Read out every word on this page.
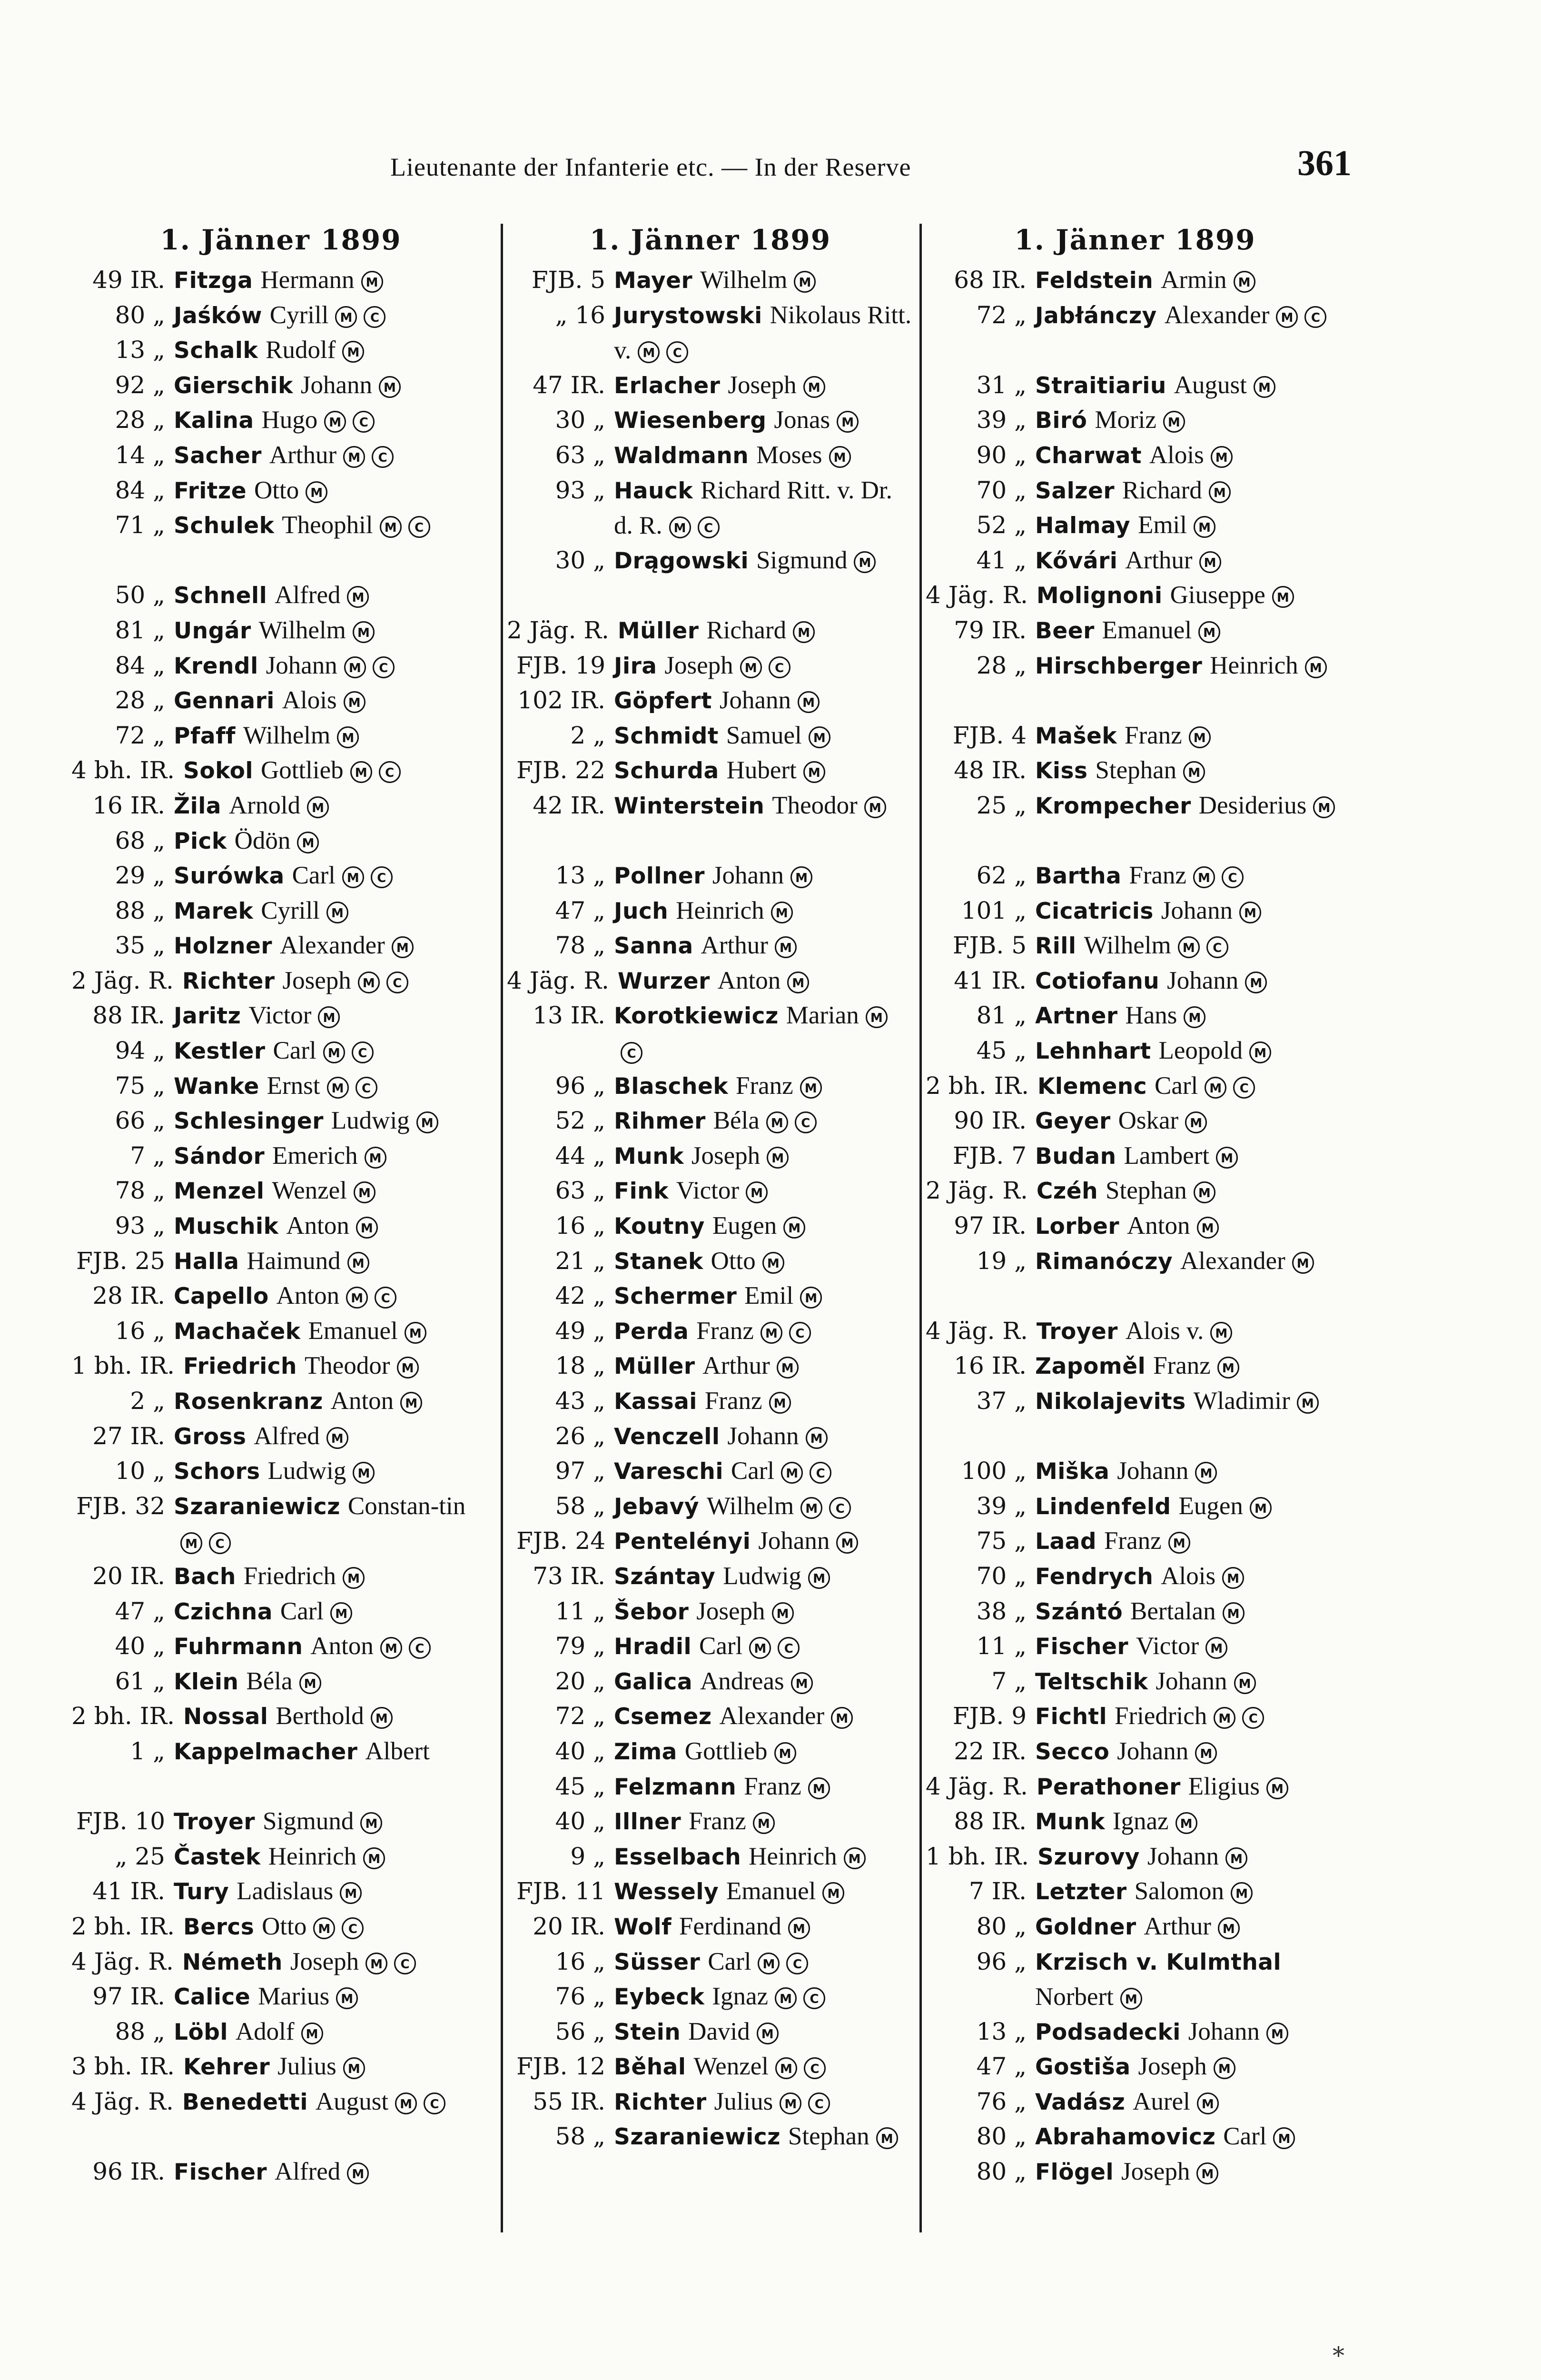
Lieutenante der Infanterie etc. — In der Reserve	361
1. Jänner 1899
49 IR. Fitzga Hermann M
80 „ Jaśków Cyrill M C
13 „ Schalk Rudolf M
92 „ Gierschik Johann M
28 „ Kalina Hugo M C
14 „ Sacher Arthur M C
84 „ Fritze Otto M
71 „ Schulek Theophil M C
50 „ Schnell Alfred M
81 „ Ungár Wilhelm M
84 „ Krendl Johann M C
28 „ Gennari Alois M
72 „ Pfaff Wilhelm M
4 bh. IR. Sokol Gottlieb M C
16 IR. Žila Arnold M
68 „ Pick Ödön M
29 „ Surówka Carl M C
88 „ Marek Cyrill M
35 „ Holzner Alexander M
2 Jäg. R. Richter Joseph M C
88 IR. Jaritz Victor M
94 „ Kestler Carl M C
75 „ Wanke Ernst M C
66 „ Schlesinger Ludwig M
7 „ Sándor Emerich M
78 „ Menzel Wenzel M
93 „ Muschik Anton M
FJB. 25 Halla Haimund M
28 IR. Capello Anton M C
16 „ Machaček Emanuel M
1 bh. IR. Friedrich Theodor M
2 „ Rosenkranz Anton M
27 IR. Gross Alfred M
10 „ Schors Ludwig M
FJB. 32 Szaraniewicz Constan-tinM C
20 IR. Bach Friedrich M
47 „ Czichna Carl M
40 „ Fuhrmann Anton M C
61 „ Klein Béla M
2 bh. IR. Nossal Berthold M
1 „ Kappelmacher Albert
FJB. 10 Troyer Sigmund M
„ 25 Častek Heinrich M
41 IR. Tury Ladislaus M
2 bh. IR. Bercs Otto M C
4 Jäg. R. Németh Joseph M C
97 IR. Calice Marius M
88 „ Löbl Adolf M
3 bh. IR. Kehrer Julius M
4 Jäg. R. Benedetti August M C
96 IR. Fischer Alfred M
1. Jänner 1899
FJB. 5 Mayer Wilhelm M
„ 16 Jurystowski Nikolaus Ritt. v. M C
47 IR. Erlacher Joseph M
30 „ Wiesenberg Jonas M
63 „ Waldmann Moses M
93 „ Hauck Richard Ritt. v. Dr. d. R. M C
30 „ Drągowski Sigmund M
2 Jäg. R. Müller Richard M
FJB. 19 Jira Joseph M C
102 IR. Göpfert Johann M
2 „ Schmidt Samuel M
FJB. 22 Schurda Hubert M
42 IR. Winterstein Theodor M
13 „ Pollner Johann M
47 „ Juch Heinrich M
78 „ Sanna Arthur M
4 Jäg. R. Wurzer Anton M
13 IR. Korotkiewicz Marian MC
96 „ Blaschek Franz M
52 „ Rihmer Béla M C
44 „ Munk Joseph M
63 „ Fink Victor M
16 „ Koutny Eugen M
21 „ Stanek Otto M
42 „ Schermer Emil M
49 „ Perda Franz M C
18 „ Müller Arthur M
43 „ Kassai Franz M
26 „ Venczell Johann M
97 „ Vareschi Carl M C
58 „ Jebavý Wilhelm M C
FJB. 24 Pentelényi Johann M
73 IR. Szántay Ludwig M
11 „ Šebor Joseph M
79 „ Hradil Carl M C
20 „ Galica Andreas M
72 „ Csemez Alexander M
40 „ Zima Gottlieb M
45 „ Felzmann Franz M
40 „ Illner Franz M
9 „ Esselbach Heinrich M
FJB. 11 Wessely Emanuel M
20 IR. Wolf Ferdinand M
16 „ Süsser Carl M C
76 „ Eybeck Ignaz M C
56 „ Stein David M
FJB. 12 Běhal Wenzel M C
55 IR. Richter Julius M C
58 „ Szaraniewicz Stephan M
1. Jänner 1899
68 IR. Feldstein Armin M
72 „ Jabłánczy Alexander M C
31 „ Straitiariu August M
39 „ Biró Moriz M
90 „ Charwat Alois M
70 „ Salzer Richard M
52 „ Halmay Emil M
41 „ Kővári Arthur M
4 Jäg. R. Molignoni Giuseppe M
79 IR. Beer Emanuel M
28 „ Hirschberger Heinrich M
FJB. 4 Mašek Franz M
48 IR. Kiss Stephan M
25 „ Krompecher Desiderius M
62 „ Bartha Franz M C
101 „ Cicatricis Johann M
FJB. 5 Rill Wilhelm M C
41 IR. Cotiofanu Johann M
81 „ Artner Hans M
45 „ Lehnhart Leopold M
2 bh. IR. Klemenc Carl M C
90 IR. Geyer Oskar M
FJB. 7 Budan Lambert M
2 Jäg. R. Czéh Stephan M
97 IR. Lorber Anton M
19 „ Rimanóczy Alexander M
4 Jäg. R. Troyer Alois v. M
16 IR. Zapoměl Franz M
37 „ Nikolajevits Wladimir M
100 „ Miška Johann M
39 „ Lindenfeld Eugen M
75 „ Laad Franz M
70 „ Fendrych Alois M
38 „ Szántó Bertalan M
11 „ Fischer Victor M
7 „ Teltschik Johann M
FJB. 9 Fichtl Friedrich M C
22 IR. Secco Johann M
4 Jäg. R. Perathoner Eligius M
88 IR. Munk Ignaz M
1 bh. IR. Szurovy Johann M
7 IR. Letzter Salomon M
80 „ Goldner Arthur M
96 „ Krzisch v. Kulmthal Norbert M
13 „ Podsadecki Johann M
47 „ Gostiša Joseph M
76 „ Vadász Aurel M
80 „ Abrahamovicz Carl M
80 „ Flögel Joseph M
*
